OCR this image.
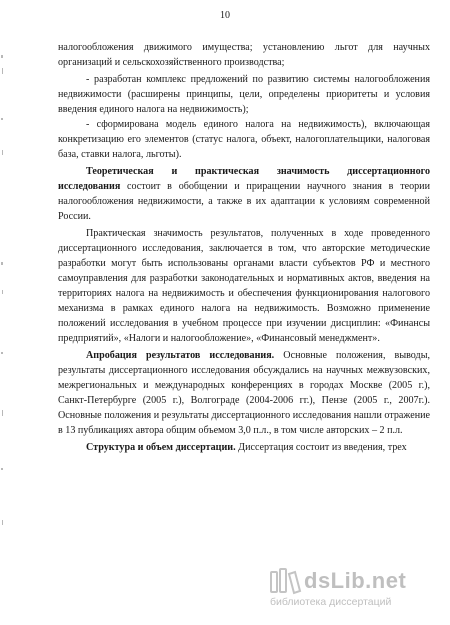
10

налогообложения движимого имущества; установлению льгот для научных организаций и сельскохозяйственного производства;

- разработан комплекс предложений по развитию системы налогообложения недвижимости (расширены принципы, цели, определены приоритеты и условия введения единого налога на недвижимость);

- сформирована модель единого налога на недвижимость), включающая конкретизацию его элементов (статус налога, объект, налогоплательщики, налоговая база, ставки налога, льготы).

Теоретическая и практическая значимость диссертационного исследования состоит в обобщении и приращении научного знания в теории налогообложения недвижимости, а также в их адаптации к условиям современной России.

Практическая значимость результатов, полученных в ходе проведенного диссертационного исследования, заключается в том, что авторские методические разработки могут быть использованы органами власти субъектов РФ и местного самоуправления для разработки законодательных и нормативных актов, введения на территориях налога на недвижимость и обеспечения функционирования налогового механизма в рамках единого налога на недвижимость. Возможно применение положений исследования в учебном процессе при изучении дисциплин: «Финансы предприятий», «Налоги и налогообложение», «Финансовый менеджмент».

Апробация результатов исследования. Основные положения, выводы, результаты диссертационного исследования обсуждались на научных межвузовских, межрегиональных и международных конференциях в городах Москве (2005 г.), Санкт-Петербурге (2005 г.), Волгограде (2004-2006 гг.), Пензе (2005 г., 2007г.). Основные положения и результаты диссертационного исследования нашли отражение в 13 публикациях автора общим объемом 3,0 п.л., в том числе авторских – 2 п.л.

Структура и объем диссертации. Диссертация состоит из введения, трех

dsLib.net
библиотека диссертаций
